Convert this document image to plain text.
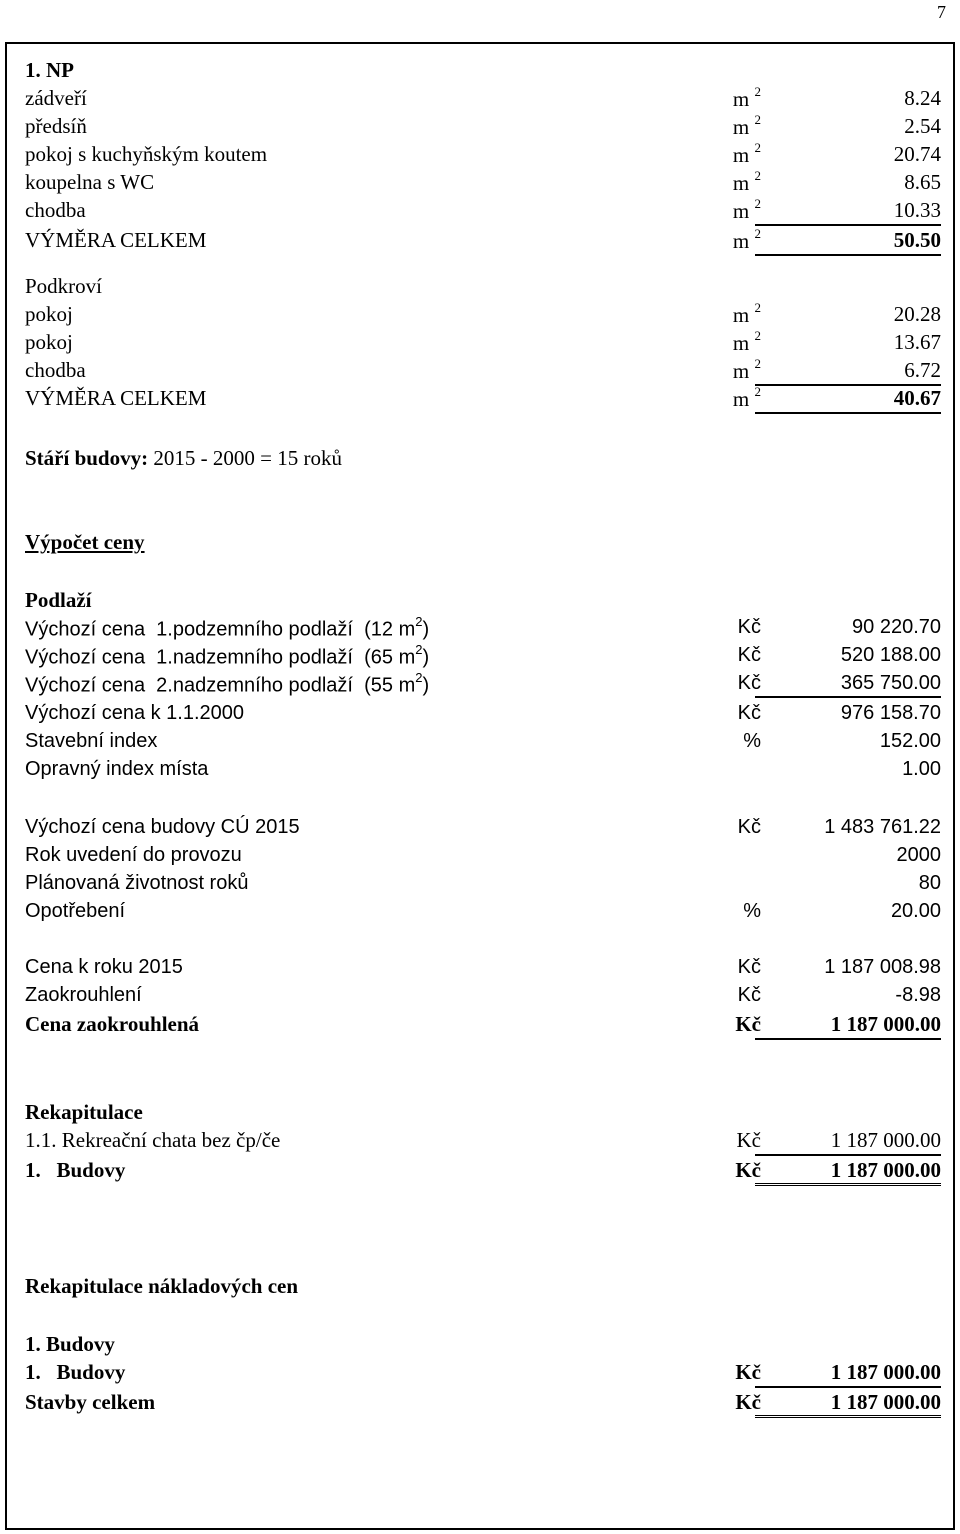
7
1. NP
zádveří	m $^2$	8.24
předsíň	m $^2$	2.54
pokoj s kuchyňským koutem	m $^2$	20.74
koupelna s WC	m $^2$	8.65
chodba	m $^2$	10.33
VÝMĚRA CELKEM	m $^2$	50.50
Podkroví
pokoj	m $^2$	20.28
pokoj	m $^2$	13.67
chodba	m $^2$	6.72
VÝMĚRA CELKEM	m $^2$	40.67
Stáří budovy: 2015 - 2000 = 15 roků
Výpočet ceny
Podlaží
Výchozí cena  1.podzemního podlaží  (12 $m^2$)	Kč	90 220.70
Výchozí cena  1.nadzemního podlaží  (65 $m^2$)	Kč	520 188.00
Výchozí cena  2.nadzemního podlaží  (55 $m^2$)	Kč	365 750.00
Výchozí cena k 1.1.2000	Kč	976 158.70
Stavební index	%	152.00
Opravný index místa	1.00
Výchozí cena budovy CÚ 2015	Kč	1 483 761.22
Rok uvedení do provozu	2000
Plánovaná životnost roků	80
Opotřebení	%	20.00
Cena k roku 2015	Kč	1 187 008.98
Zaokrouhlení	Kč	-8.98
Cena zaokrouhlená	Kč	1 187 000.00
Rekapitulace
1.1. Rekreační chata bez čp/če	Kč	1 187 000.00
1.   Budovy	Kč	1 187 000.00
Rekapitulace nákladových cen
1. Budovy
1.   Budovy	Kč	1 187 000.00
Stavby celkem	Kč	1 187 000.00
